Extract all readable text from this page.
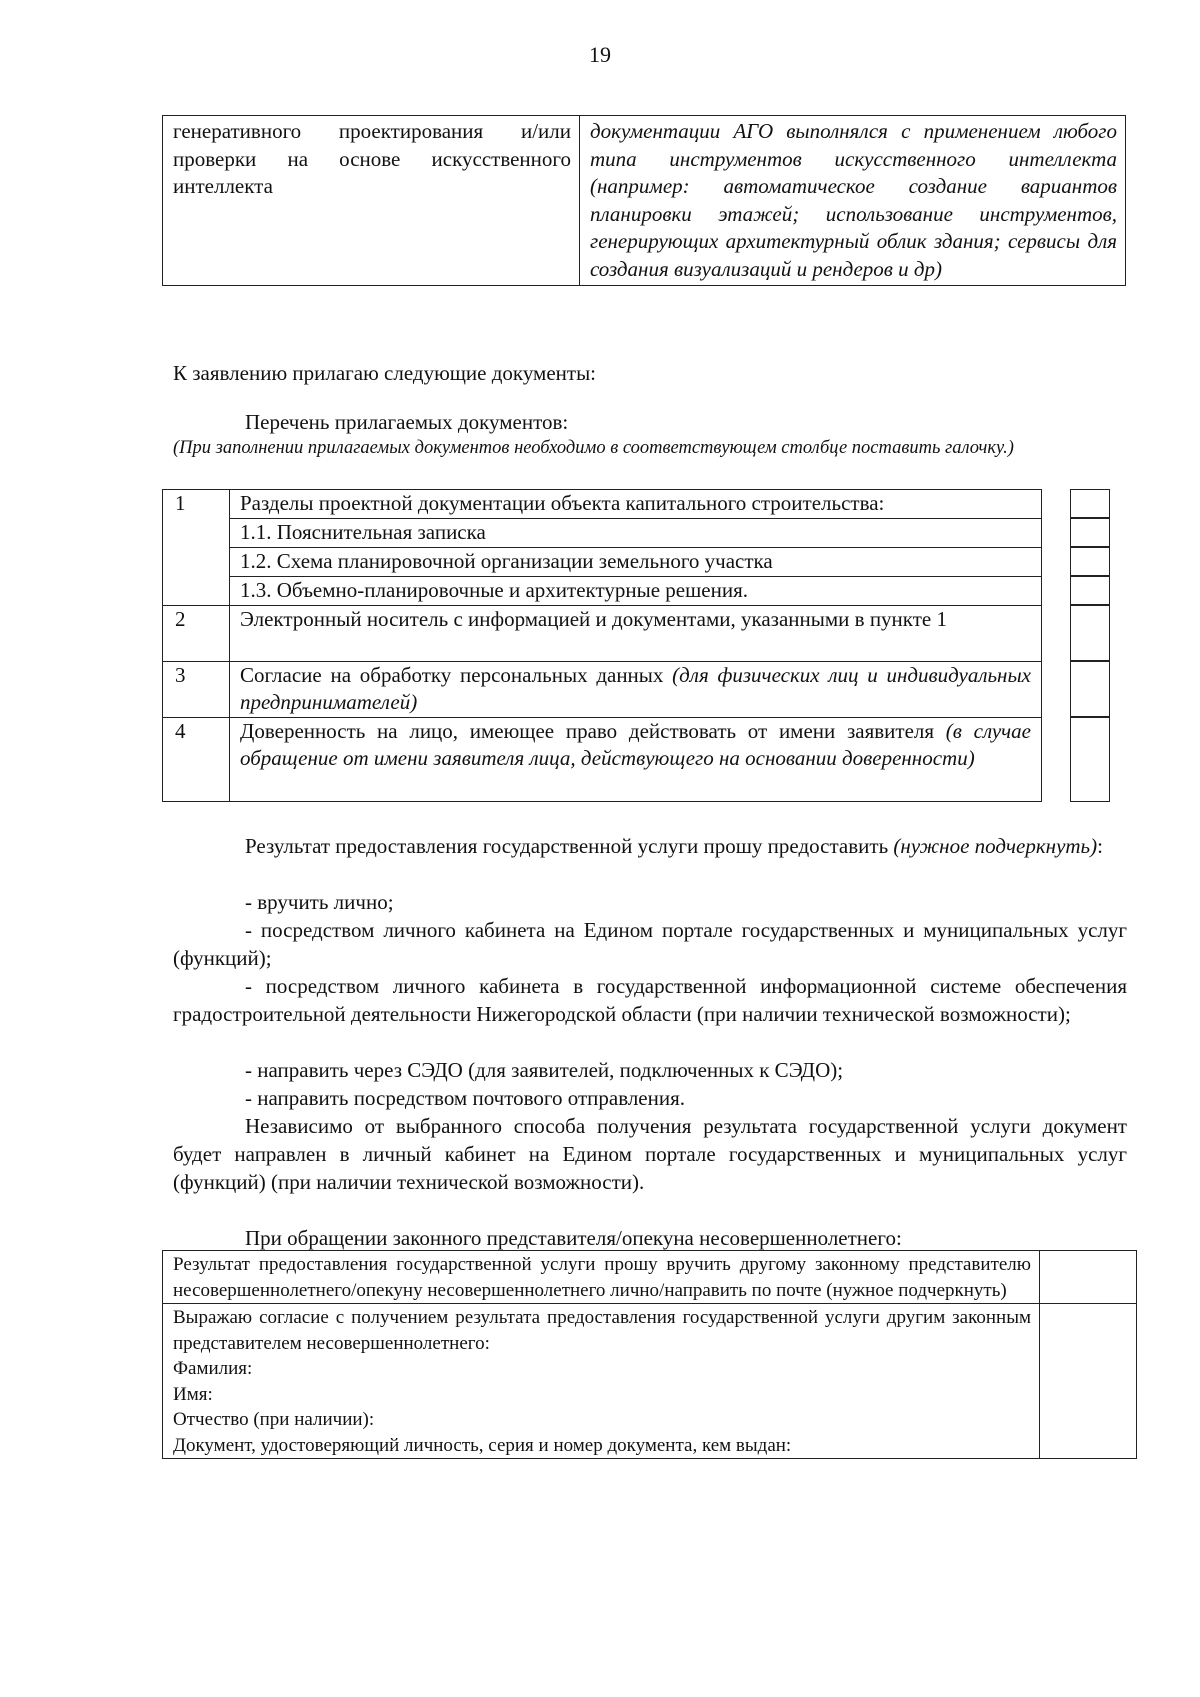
19
генеративного проектирования и/или проверки на основе искусственного интеллекта	документации АГО выполнялся с применением любого типа инструментов искусственного интеллекта (например: автоматическое создание вариантов планировки этажей; использование инструментов, генерирующих архитектурный облик здания; сервисы для создания визуализаций и рендеров и др)
К заявлению прилагаю следующие документы:
Перечень прилагаемых документов:
(При заполнении прилагаемых документов необходимо в соответствующем столбце поставить галочку.)
1	Разделы проектной документации объекта капитального строительства:
	1.1. Пояснительная записка
	1.2. Схема планировочной организации земельного участка
	1.3. Объемно-планировочные и архитектурные решения.
2	Электронный носитель с информацией и документами, указанными в пункте 1
3	Согласие на обработку персональных данных (для физических лиц и индивидуальных предпринимателей)
4	Доверенность на лицо, имеющее право действовать от имени заявителя (в случае обращение от имени заявителя лица, действующего на основании доверенности)
Результат предоставления государственной услуги прошу предоставить (нужное подчеркнуть):
- вручить лично;
- посредством личного кабинета на Едином портале государственных и муниципальных услуг (функций);
- посредством личного кабинета в государственной информационной системе обеспечения градостроительной деятельности Нижегородской области (при наличии технической возможности);
- направить через СЭДО (для заявителей, подключенных к СЭДО);
- направить посредством почтового отправления.
Независимо от выбранного способа получения результата государственной услуги документ будет направлен в личный кабинет на Едином портале государственных и муниципальных услуг (функций) (при наличии технической возможности).
При обращении законного представителя/опекуна несовершеннолетнего:
Результат предоставления государственной услуги прошу вручить другому законному представителю несовершеннолетнего/опекуну несовершеннолетнего лично/направить по почте (нужное подчеркнуть)	

Выражаю согласие с получением результата предоставления государственной услуги другим законным представителем несовершеннолетнего:
Фамилия:
Имя:
Отчество (при наличии):
Документ, удостоверяющий личность, серия и номер документа, кем выдан:	
